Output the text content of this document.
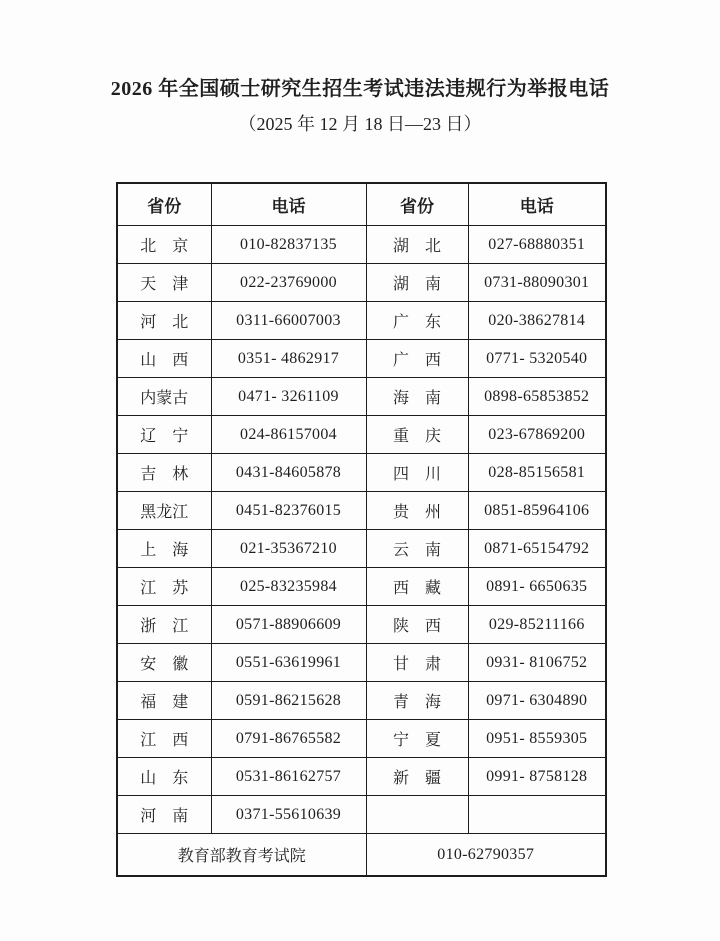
2026 年全国硕士研究生招生考试违法违规行为举报电话
（2025 年 12 月 18 日—23 日）
省份	电话	省份	电话
北京	010-82837135	湖北	027-68880351
天津	022-23769000	湖南	0731-88090301
河北	0311-66007003	广东	020-38627814
山西	0351- 4862917	广西	0771- 5320540
内蒙古	0471- 3261109	海南	0898-65853852
辽宁	024-86157004	重庆	023-67869200
吉林	0431-84605878	四川	028-85156581
黑龙江	0451-82376015	贵州	0851-85964106
上海	021-35367210	云南	0871-65154792
江苏	025-83235984	西藏	0891- 6650635
浙江	0571-88906609	陕西	029-85211166
安徽	0551-63619961	甘肃	0931- 8106752
福建	0591-86215628	青海	0971- 6304890
江西	0791-86765582	宁夏	0951- 8559305
山东	0531-86162757	新疆	0991- 8758128
河南	0371-55610639		
教育部教育考试院		010-62790357	
